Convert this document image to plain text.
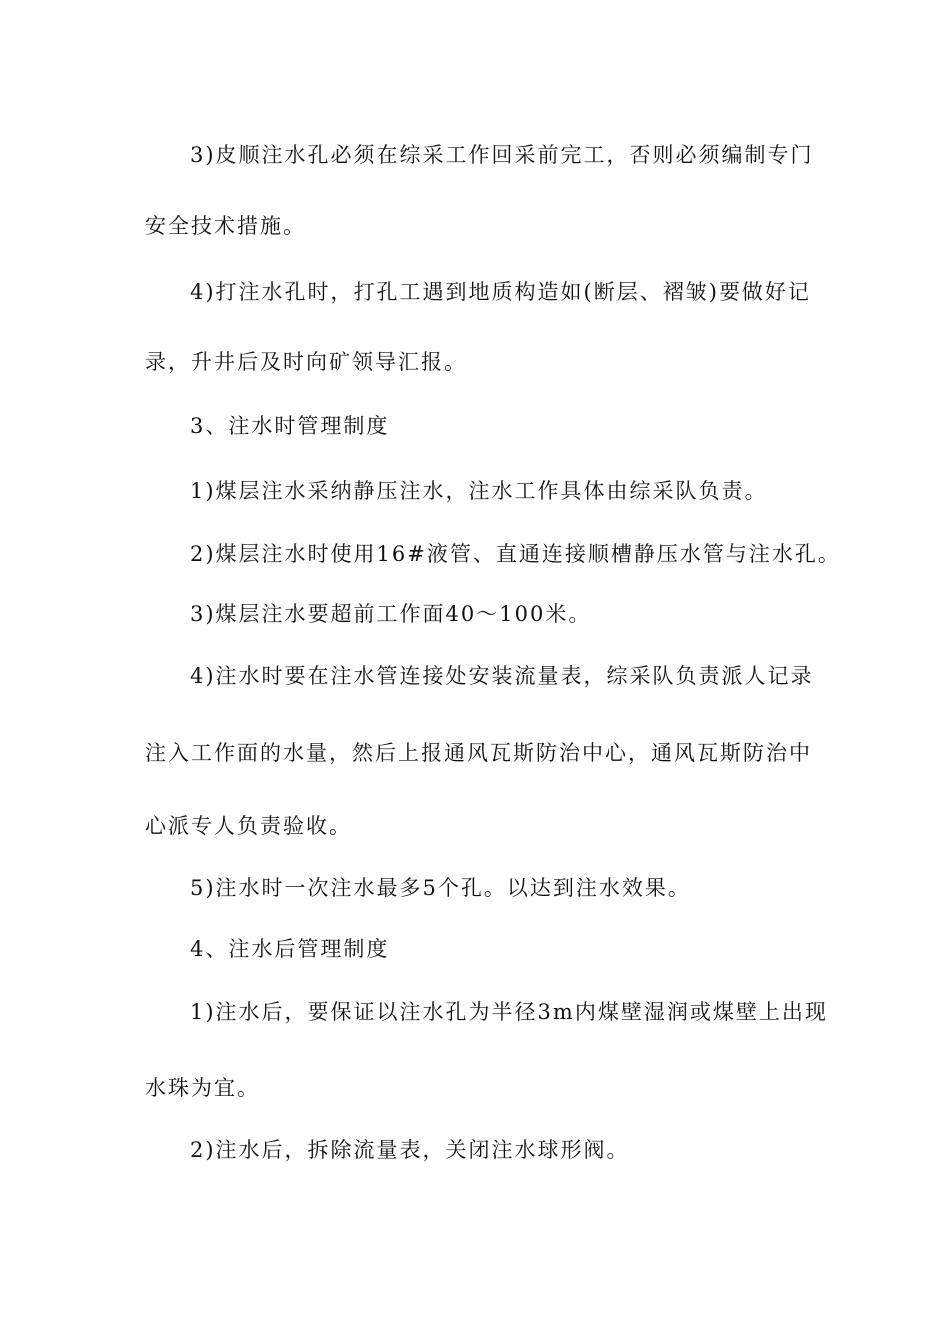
3)皮顺注水孔必须在综采工作回采前完工，否则必须编制专门

安全技术措施。

4)打注水孔时，打孔工遇到地质构造如(断层、褶皱)要做好记

录，升井后及时向矿领导汇报。

3、注水时管理制度

1)煤层注水采纳静压注水，注水工作具体由综采队负责。

2)煤层注水时使用16#液管、直通连接顺槽静压水管与注水孔。

3)煤层注水要超前工作面40～100米。

4)注水时要在注水管连接处安装流量表，综采队负责派人记录

注入工作面的水量，然后上报通风瓦斯防治中心，通风瓦斯防治中

心派专人负责验收。

5)注水时一次注水最多5个孔。以达到注水效果。

4、注水后管理制度

1)注水后，要保证以注水孔为半径3m内煤壁湿润或煤壁上出现

水珠为宜。

2)注水后，拆除流量表，关闭注水球形阀。
